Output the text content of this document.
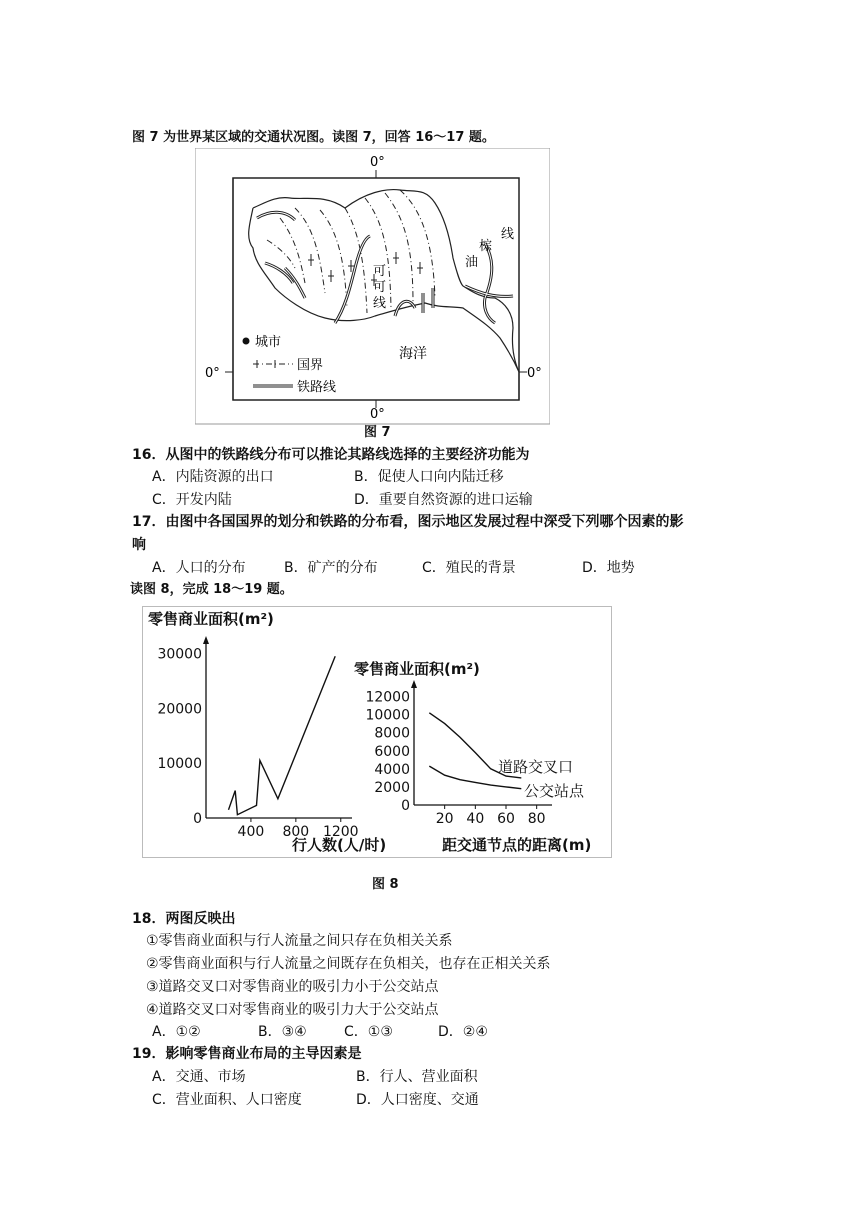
图 7 为世界某区域的交通状况图。读图 7，回答 16～17 题。
0°
0°	0°
0°
可
可
线
棕
油
线
海洋
城市
国界
铁路线
图 7
16．从图中的铁路线分布可以推论其路线选择的主要经济功能为
A．内陆资源的出口	B．促使人口向内陆迁移
C．开发内陆	D．重要自然资源的进口运输
17．由图中各国国界的划分和铁路的分布看，图示地区发展过程中深受下列哪个因素的影
响
A．人口的分布	B．矿产的分布	C．殖民的背景	D．地势
读图 8，完成 18～19 题。
零售商业面积(m²)
行人数(人/时)
0
10000
20000
30000
400 800 1200
零售商业面积(m²)
距交通节点的距离(m)
0
2000
4000
6000
8000
10000
12000
20 40 60 80
道路交叉口
公交站点
图 8
18．两图反映出
①零售商业面积与行人流量之间只存在负相关关系
②零售商业面积与行人流量之间既存在负相关，也存在正相关关系
③道路交叉口对零售商业的吸引力小于公交站点
④道路交叉口对零售商业的吸引力大于公交站点
A．①②	B．③④	C．①③	D．②④
19．影响零售商业布局的主导因素是
A．交通、市场	B．行人、营业面积
C．营业面积、人口密度	D．人口密度、交通
